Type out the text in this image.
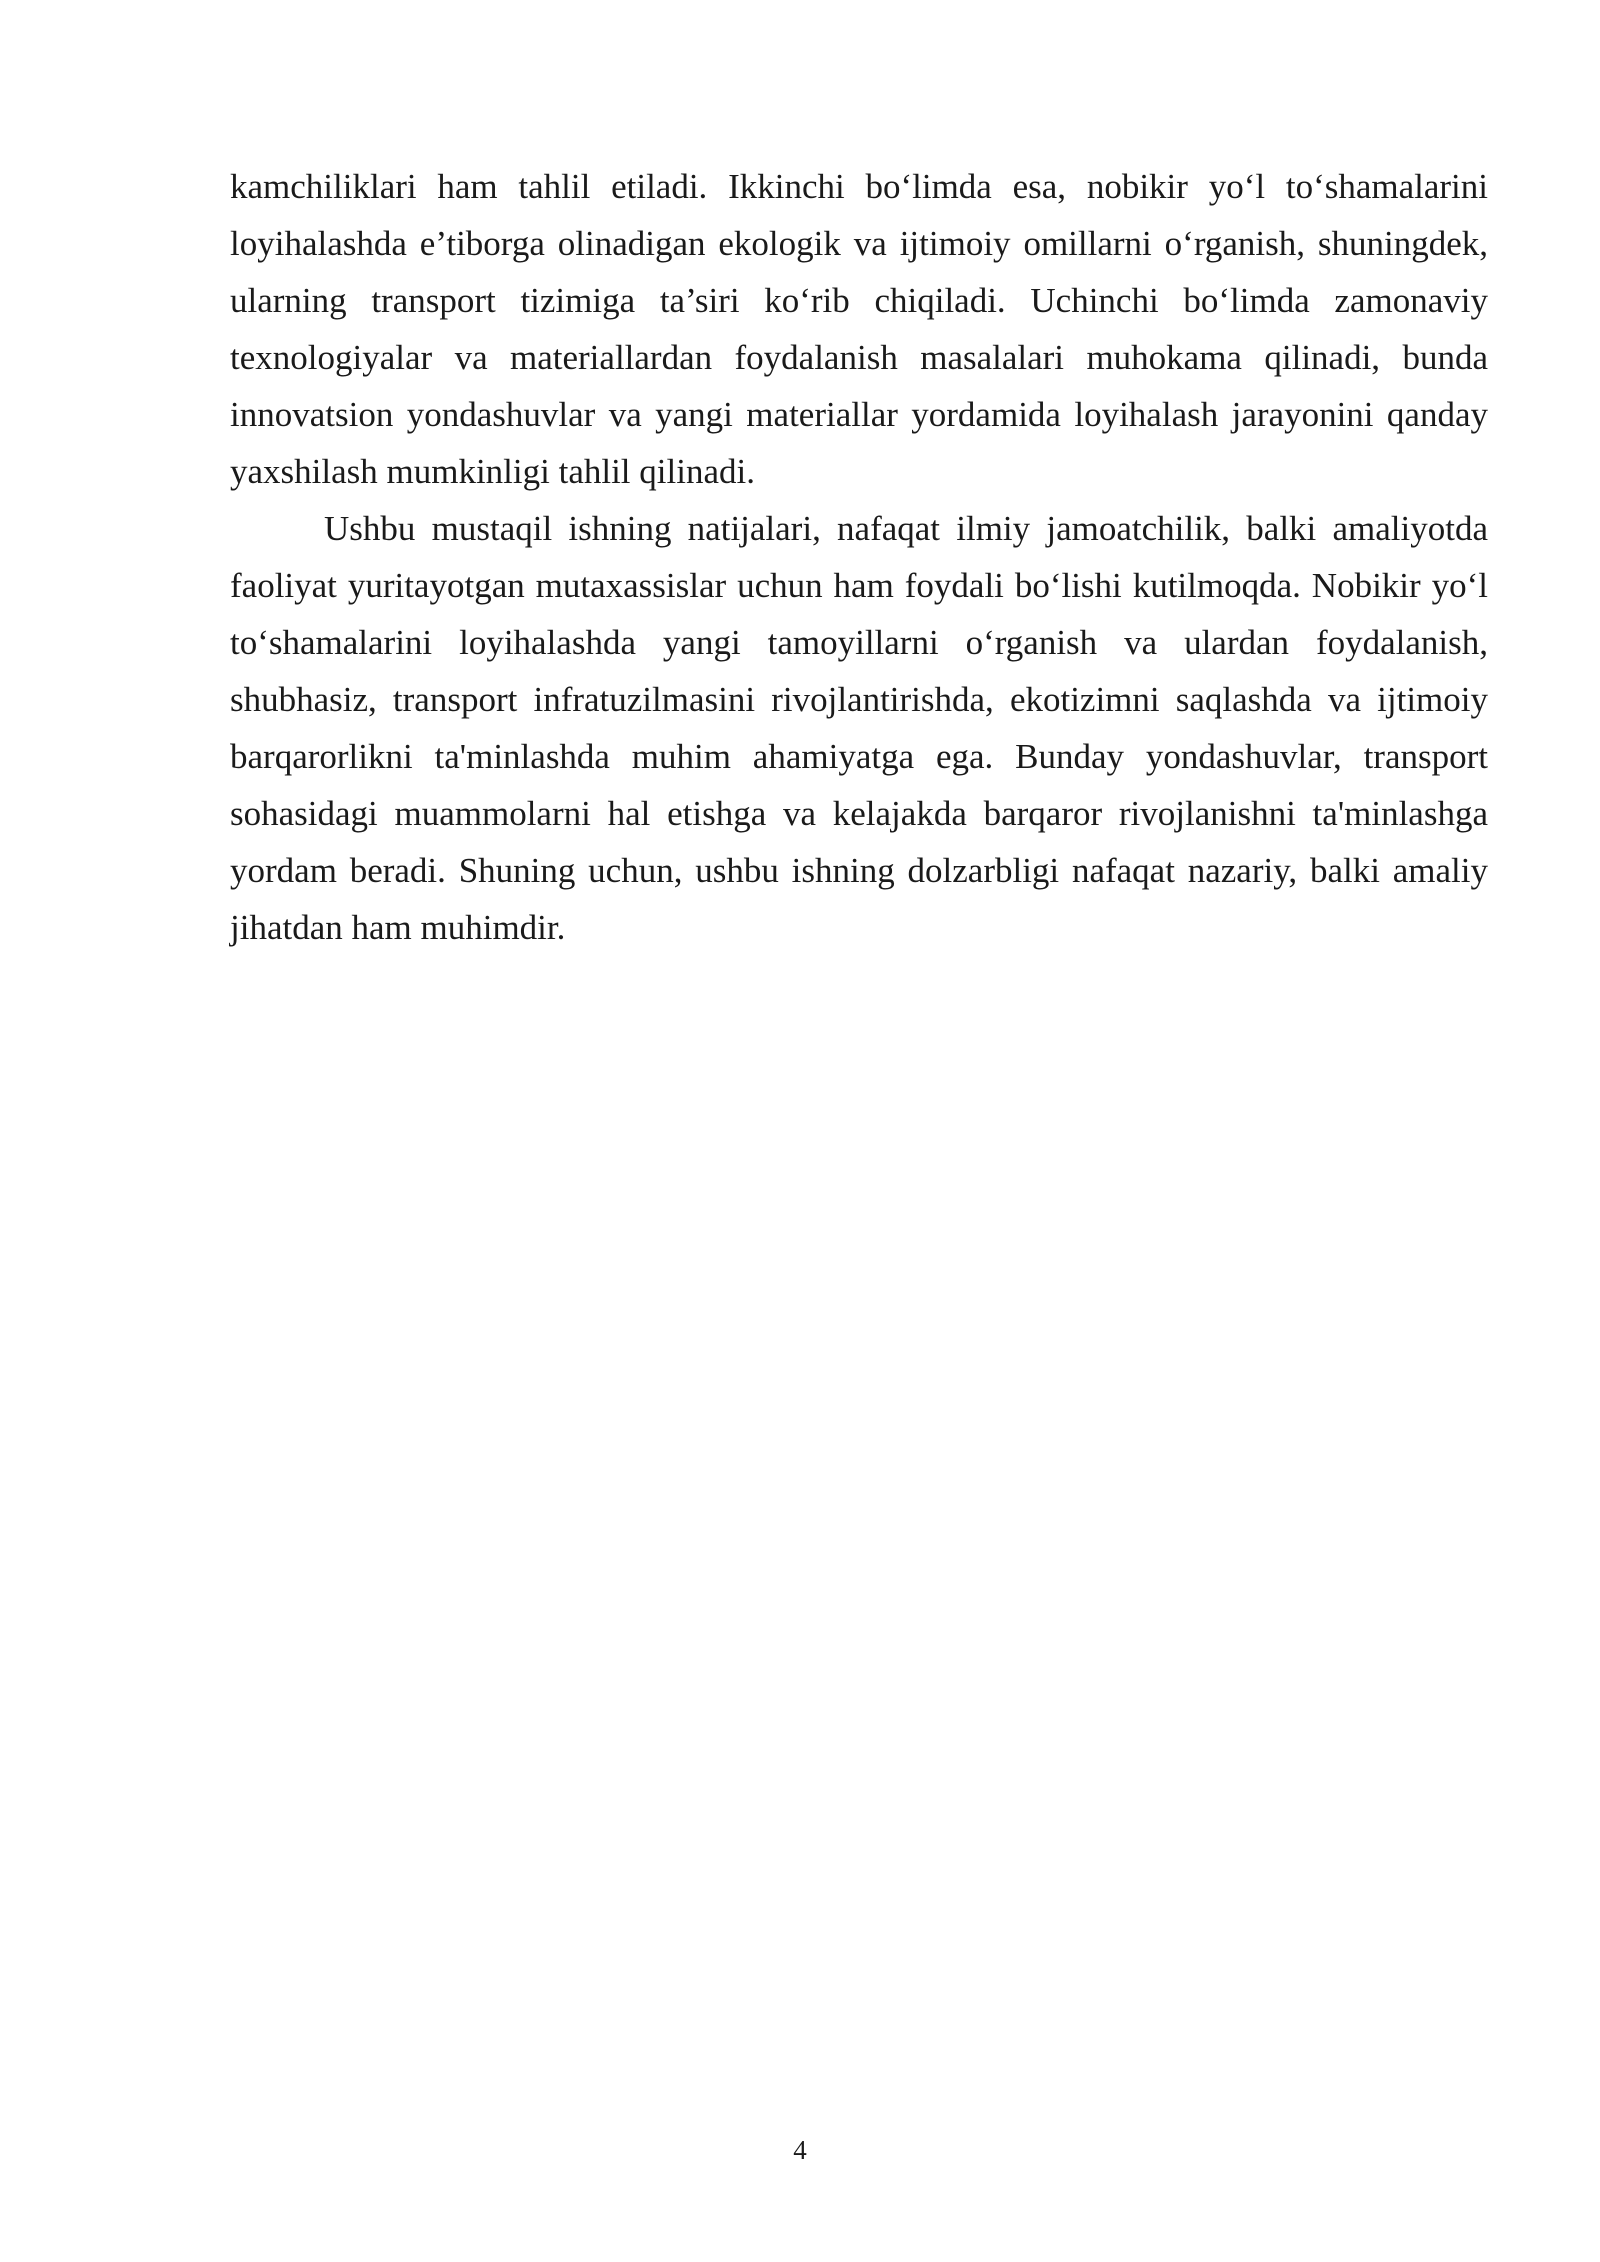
kamchiliklari ham tahlil etiladi. Ikkinchi bo‘limda esa, nobikir yo‘l to‘shamalarini loyihalashda e’tiborga olinadigan ekologik va ijtimoiy omillarni o‘rganish, shuningdek, ularning transport tizimiga ta’siri ko‘rib chiqiladi. Uchinchi bo‘limda zamonaviy texnologiyalar va materiallardan foydalanish masalalari muhokama qilinadi, bunda innovatsion yondashuvlar va yangi materiallar yordamida loyihalash jarayonini qanday yaxshilash mumkinligi tahlil qilinadi.

Ushbu mustaqil ishning natijalari, nafaqat ilmiy jamoatchilik, balki amaliyotda faoliyat yuritayotgan mutaxassislar uchun ham foydali bo‘lishi kutilmoqda. Nobikir yo‘l to‘shamalarini loyihalashda yangi tamoyillarni o‘rganish va ulardan foydalanish, shubhasiz, transport infratuzilmasini rivojlantirishda, ekotizimni saqlashda va ijtimoiy barqarorlikni ta'minlashda muhim ahamiyatga ega. Bunday yondashuvlar, transport sohasidagi muammolarni hal etishga va kelajakda barqaror rivojlanishni ta'minlashga yordam beradi. Shuning uchun, ushbu ishning dolzarbligi nafaqat nazariy, balki amaliy jihatdan ham muhimdir.

4
